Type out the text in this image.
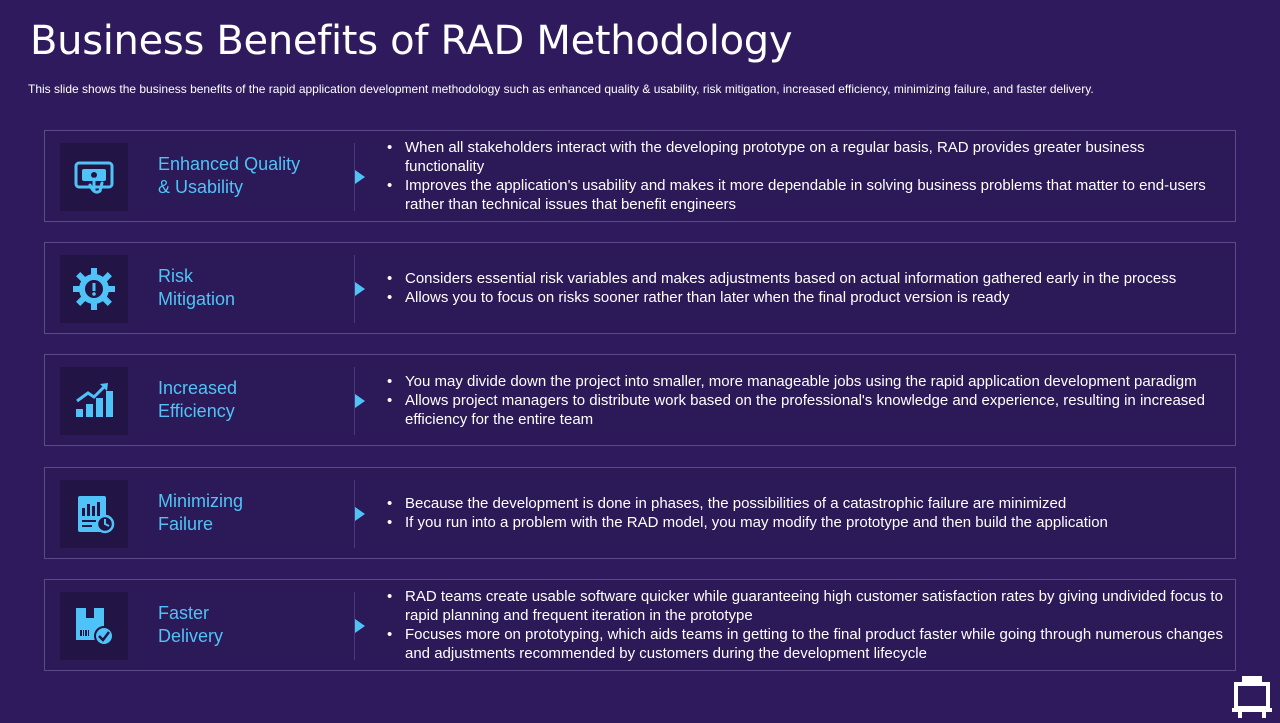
Business Benefits of RAD Methodology
This slide shows the business benefits of the rapid application development methodology such as enhanced quality & usability, risk mitigation, increased efficiency, minimizing failure, and faster delivery.
Enhanced Quality
& Usability
• When all stakeholders interact with the developing prototype on a regular basis, RAD provides greater business functionality
• Improves the application's usability and makes it more dependable in solving business problems that matter to end-users rather than technical issues that benefit engineers
Risk
Mitigation
• Considers essential risk variables and makes adjustments based on actual information gathered early in the process
• Allows you to focus on risks sooner rather than later when the final product version is ready
Increased
Efficiency
• You may divide down the project into smaller, more manageable jobs using the rapid application development paradigm
• Allows project managers to distribute work based on the professional's knowledge and experience, resulting in increased efficiency for the entire team
Minimizing
Failure
• Because the development is done in phases, the possibilities of a catastrophic failure are minimized
• If you run into a problem with the RAD model, you may modify the prototype and then build the application
Faster
Delivery
• RAD teams create usable software quicker while guaranteeing high customer satisfaction rates by giving undivided focus to rapid planning and frequent iteration in the prototype
• Focuses more on prototyping, which aids teams in getting to the final product faster while going through numerous changes and adjustments recommended by customers during the development lifecycle
